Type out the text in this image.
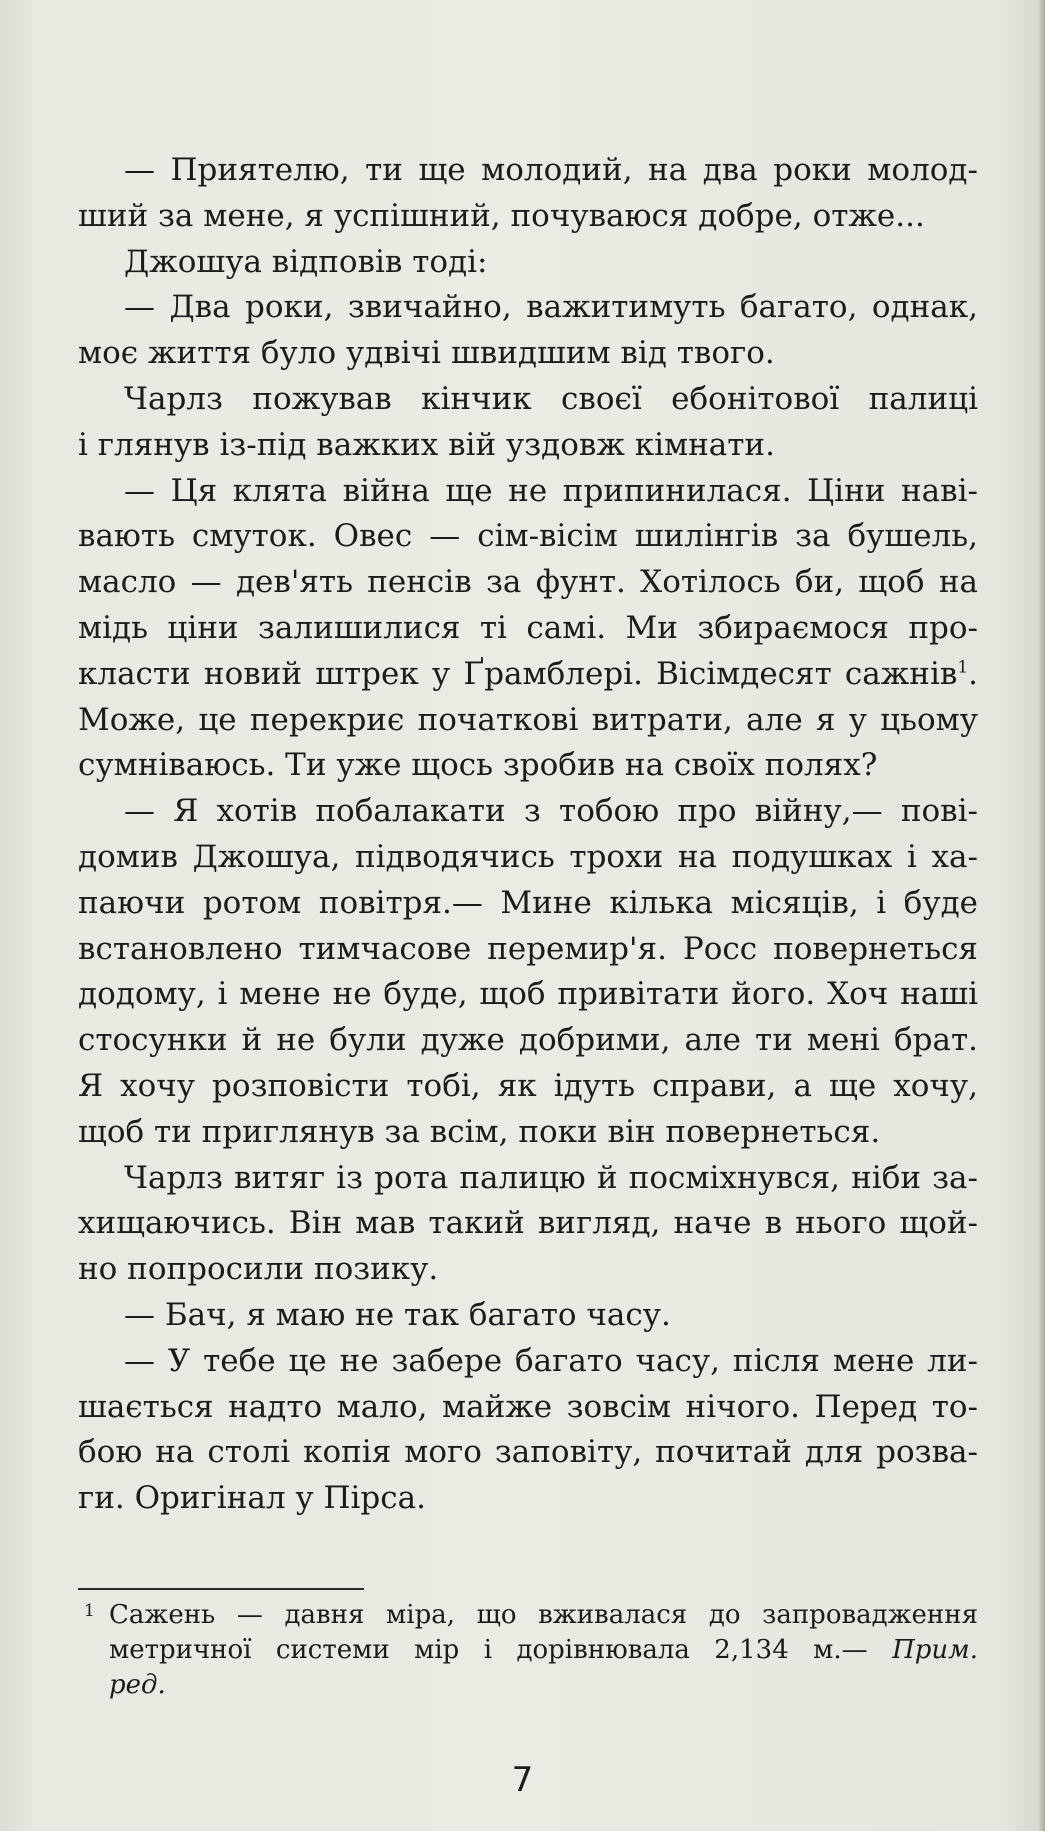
— Приятелю, ти ще молодий, на два роки молод-
ший за мене, я успішний, почуваюся добре, отже...

Джошуа відповів тоді:

— Два роки, звичайно, важитимуть багато, однак,
моє життя було удвічі швидшим від твого.

Чарлз пожував кінчик своєї ебонітової палиці
і глянув із-під важких вій уздовж кімнати.

— Ця клята війна ще не припинилася. Ціни наві-
вають смуток. Овес — сім-вісім шилінгів за бушель,
масло — дев'ять пенсів за фунт. Хотілось би, щоб на
мідь ціни залишилися ті самі. Ми збираємося про-
класти новий штрек у Ґрамблері. Вісімдесят сажнів$^1$.
Може, це перекриє початкові витрати, але я у цьому
сумніваюсь. Ти уже щось зробив на своїх полях?

— Я хотів побалакати з тобою про війну,— пові-
домив Джошуа, підводячись трохи на подушках і ха-
паючи ротом повітря.— Мине кілька місяців, і буде
встановлено тимчасове перемир'я. Росс повернеться
додому, і мене не буде, щоб привітати його. Хоч наші
стосунки й не були дуже добрими, але ти мені брат.
Я хочу розповісти тобі, як ідуть справи, а ще хочу,
щоб ти приглянув за всім, поки він повернеться.

Чарлз витяг із рота палицю й посміхнувся, ніби за-
хищаючись. Він мав такий вигляд, наче в нього щой-
но попросили позику.

— Бач, я маю не так багато часу.

— У тебе це не забере багато часу, після мене ли-
шається надто мало, майже зовсім нічого. Перед то-
бою на столі копія мого заповіту, почитай для розва-
ги. Оригінал у Пірса.

1 Сажень — давня міра, що вживалася до запровадження
метричної системи мір і дорівнювала 2,134 м.— Прим.
ред.
7
